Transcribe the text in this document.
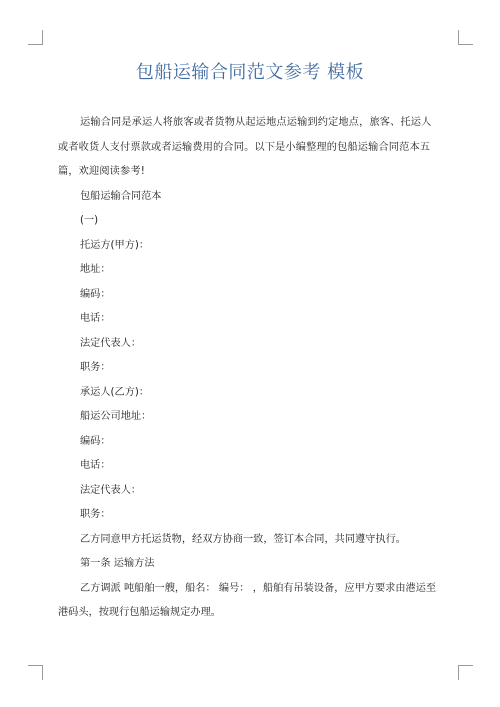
包船运输合同范文参考 模板

运输合同是承运人将旅客或者货物从起运地点运输到约定地点，旅客、托运人或者收货人支付票款或者运输费用的合同。以下是小编整理的包船运输合同范本五篇，欢迎阅读参考!

包船运输合同范本

(一)

托运方(甲方)：

地址：

编码：

电话：

法定代表人：

职务：

承运人(乙方)：

船运公司地址：

编码：

电话：

法定代表人：

职务：

乙方同意甲方托运货物，经双方协商一致，签订本合同，共同遵守执行。

第一条 运输方法

乙方调派 吨船舶一艘，船名： 编号： ，船舶有吊装设备，应甲方要求由港运至港码头，按现行包船运输规定办理。
